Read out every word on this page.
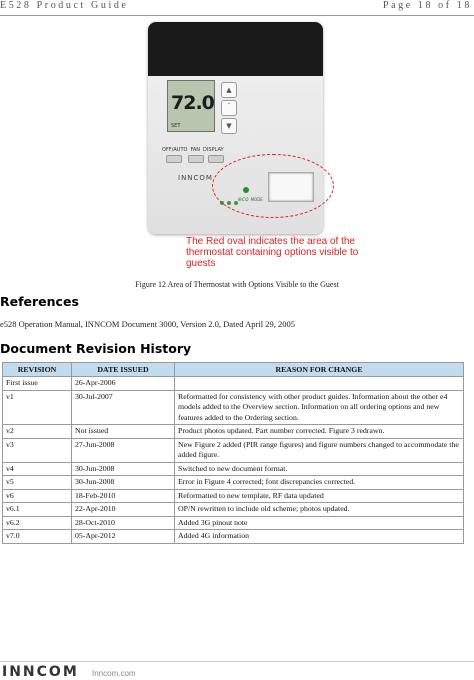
E528 Product Guide	Page 18 of 18
72.0
SET
▲
•
▼
OFF/AUTO FAN DISPLAY
INNCOM
eco MODE
The Red oval indicates the area of the thermostat containing options visible to guests
Figure 12 Area of Thermostat with Options Visible to the Guest
References
e528 Operation Manual, INNCOM Document 3000, Version 2.0, Dated April 29, 2005
Document Revision History
REVISION	DATE ISSUED	REASON FOR CHANGE
First issue	26-Apr-2006	
v1	30-Jul-2007	Reformatted for consistency with other product guides. Information about the other e4 models added to the Overview section. Information on all ordering options and new features added to the Ordering section.
v2	Not issued	Product photos updated. Part number corrected. Figure 3 redrawn.
v3	27-Jun-2008	New Figure 2 added (PIR range figures) and figure numbers changed to accommodate the added figure.
v4	30-Jun-2008	Switched to new document format.
v5	30-Jun-2008	Error in Figure 4 corrected; font discrepancies corrected.
v6	18-Feb-2010	Reformatted to new template, RF data updated
v6.1	22-Apr-2010	OP/N rewritten to include old scheme; photos updated.
v6.2	28-Oct-2010	Added 3G pinout note
v7.0	05-Apr-2012	Added 4G information
INNCOM Inncom.com
